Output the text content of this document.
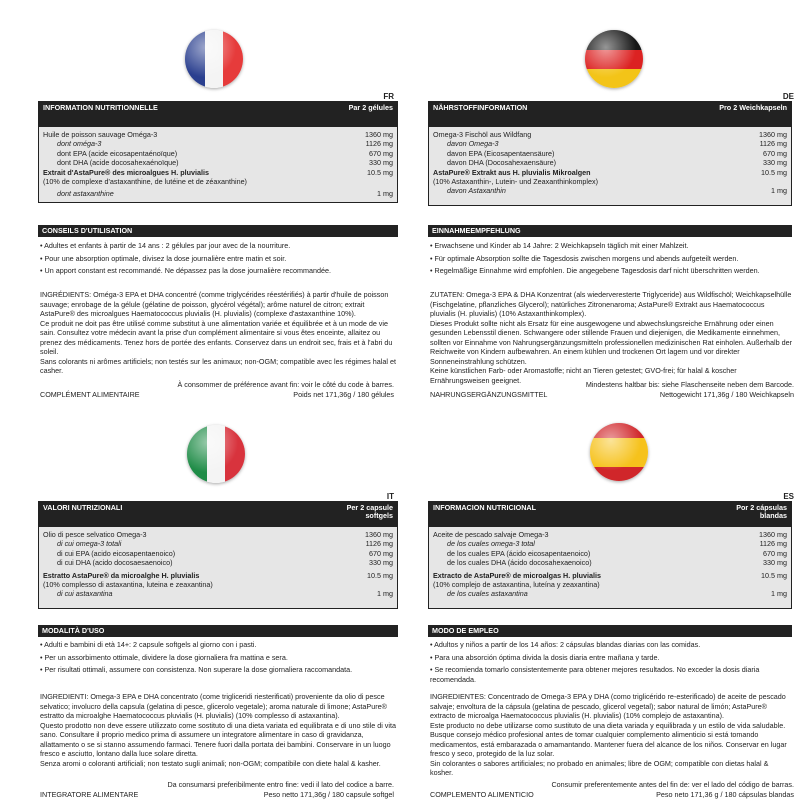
FR
INFORMATION NUTRITIONNELLE	Par 2 gélules
Huile de poisson sauvage Oméga-3	1360 mg
dont oméga-3	1126 mg
dont EPA (acide eicosapentaénoïque)	670 mg
dont DHA (acide docosahexaénoïque)	330 mg
Extrait d'AstaPure® des microalgues H. pluvialis	10.5 mg
(10% de complexe d'astaxanthine, de lutéine et de zéaxanthine)
dont astaxanthine	1 mg
CONSEILS D'UTILISATION
• Adultes et enfants à partir de 14 ans : 2 gélules par jour avec de la nourriture.
• Pour une absorption optimale, divisez la dose journalière entre matin et soir.
• Un apport constant est recommandé. Ne dépassez pas la dose journalière recommandée.
INGRÉDIENTS: Oméga-3 EPA et DHA concentré (comme triglycérides réestérifiés) à partir d'huile de poisson sauvage; enrobage de la gélule (gélatine de poisson, glycérol végétal); arôme naturel de citron; extrait AstaPure® des microalgues Haematococcus pluvialis (H. pluvialis) (complexe d'astaxanthine 10%).
Ce produit ne doit pas être utilisé comme substitut à une alimentation variée et équilibrée et à un mode de vie sain. Consultez votre médecin avant la prise d'un complément alimentaire si vous êtes enceinte, allaitez ou prenez des médicaments. Tenez hors de portée des enfants. Conservez dans un endroit sec, frais et à l'abri du soleil.
Sans colorants ni arômes artificiels; non testés sur les animaux; non-OGM; compatible avec les régimes halal et casher.
À consommer de préférence avant fin: voir le côté du code à barres.
COMPLÉMENT ALIMENTAIRE	Poids net 171,36g / 180 gélules
DE
NÄHRSTOFFINFORMATION	Pro 2 Weichkapseln
Omega-3 Fischöl aus Wildfang	1360 mg
davon Omega-3	1126 mg
davon EPA (Eicosapentaensäure)	670 mg
davon DHA (Docosahexaensäure)	330 mg
AstaPure® Extrakt aus H. pluvialis Mikroalgen	10.5 mg
(10% Astaxanthin-, Lutein- und Zeaxanthinkomplex)
davon Astaxanthin	1 mg
EINNAHMEEMPFEHLUNG
• Erwachsene und Kinder ab 14 Jahre: 2 Weichkapseln täglich mit einer Mahlzeit.
• Für optimale Absorption sollte die Tagesdosis zwischen morgens und abends aufgeteilt werden.
• Regelmäßige Einnahme wird empfohlen. Die angegebene Tagesdosis darf nicht überschritten werden.
ZUTATEN: Omega-3 EPA & DHA Konzentrat (als wiederveresterte Triglyceride) aus Wildfischöl; Weichkapselhülle (Fischgelatine, pflanzliches Glycerol); natürliches Zitronenaroma; AstaPure® Extrakt aus Haematococcus pluvialis (H. pluvialis) (10% Astaxanthinkomplex).
Dieses Produkt sollte nicht als Ersatz für eine ausgewogene und abwechslungsreiche Ernährung oder einen gesunden Lebensstil dienen. Schwangere oder stillende Frauen und diejenigen, die Medikamente einnehmen, sollten vor Einnahme von Nahrungsergänzungsmitteln professionellen medizinischen Rat einholen. Außerhalb der Reichweite von Kindern aufbewahren. An einem kühlen und trockenen Ort lagern und vor direkter Sonneneinstrahlung schützen.
Keine künstlichen Farb- oder Aromastoffe; nicht an Tieren getestet; GVO-frei; für halal & koscher Ernährungsweisen geeignet.	Mindestens haltbar bis: siehe Flaschenseite neben dem Barcode.
NAHRUNGSERGÄNZUNGSMITTEL	Nettogewicht 171,36g / 180 Weichkapseln
IT
VALORI NUTRIZIONALI	Per 2 capsule softgels
Olio di pesce selvatico Omega-3	1360 mg
di cui omega-3 totali	1126 mg
di cui EPA (acido eicosapentaenoico)	670 mg
di cui DHA (acido docosaesaenoico)	330 mg
Estratto AstaPure® da microalghe H. pluvialis	10.5 mg
(10% complesso di astaxantina, luteina e zeaxantina)
di cui astaxantina	1 mg
MODALITÀ D'USO
• Adulti e bambini di età 14+: 2 capsule softgels al giorno con i pasti.
• Per un assorbimento ottimale, dividere la dose giornaliera fra mattina e sera.
• Per risultati ottimali, assumere con consistenza. Non superare la dose giornaliera raccomandata.
INGREDIENTI: Omega-3 EPA e DHA concentrato (come trigliceridi riesterificati) proveniente da olio di pesce selvatico; involucro della capsula (gelatina di pesce, glicerolo vegetale); aroma naturale di limone; AstaPure® estratto da microalghe Haematococcus pluvialis (H. pluvialis) (10% complesso di astaxantina).
Questo prodotto non deve essere utilizzato come sostituto di una dieta variata ed equilibrata e di uno stile di vita sano. Consultare il proprio medico prima di assumere un integratore alimentare in caso di gravidanza, allattamento o se si stanno assumendo farmaci. Tenere fuori dalla portata dei bambini. Conservare in un luogo fresco e asciutto, lontano dalla luce solare diretta.
Senza aromi o coloranti artificiali; non testato sugli animali; non-OGM; compatibile con diete halal & kasher.
Da consumarsi preferibilmente entro fine: vedi il lato del codice a barre.
INTEGRATORE ALIMENTARE	Peso netto 171,36g / 180 capsule softgel
ES
INFORMACION NUTRICIONAL	Por 2 cápsulas blandas
Aceite de pescado salvaje Omega-3	1360 mg
de los cuales omega-3 total	1126 mg
de los cuales EPA (ácido eicosapentaenoico)	670 mg
de los cuales DHA (ácido docosahexaenoico)	330 mg
Extracto de AstaPure® de microalgas H. pluvialis	10.5 mg
(10% complejo de astaxantina, luteína y zeaxantina)
de los cuales astaxantina	1 mg
MODO DE EMPLEO
• Adultos y niños a partir de los 14 años: 2 cápsulas blandas diarias con las comidas.
• Para una absorción óptima divida la dosis diaria entre mañana y tarde.
• Se recomienda tomarlo consistentemente para obtener mejores resultados. No exceder la dosis diaria recomendada.
INGREDIENTES: Concentrado de Omega-3 EPA y DHA (como triglicérido re-esterificado) de aceite de pescado salvaje; envoltura de la cápsula (gelatina de pescado, glicerol vegetal); sabor natural de limón; AstaPure® extracto de microalga Haematococcus pluvialis (H. pluvialis) (10% complejo de astaxantina).
Este producto no debe utilizarse como sustituto de una dieta variada y equilibrada y un estilo de vida saludable. Busque consejo médico profesional antes de tomar cualquier complemento alimenticio si está tomando medicamentos, está embarazada o amamantando. Mantener fuera del alcance de los niños. Conservar en lugar fresco y seco, protegido de la luz solar.
Sin colorantes o sabores artificiales; no probado en animales; libre de OGM; compatible con dietas halal & kosher.
Consumir preferentemente antes del fin de: ver el lado del código de barras.
COMPLEMENTO ALIMENTICIO	Peso neto 171,36 g / 180 cápsulas blandas
